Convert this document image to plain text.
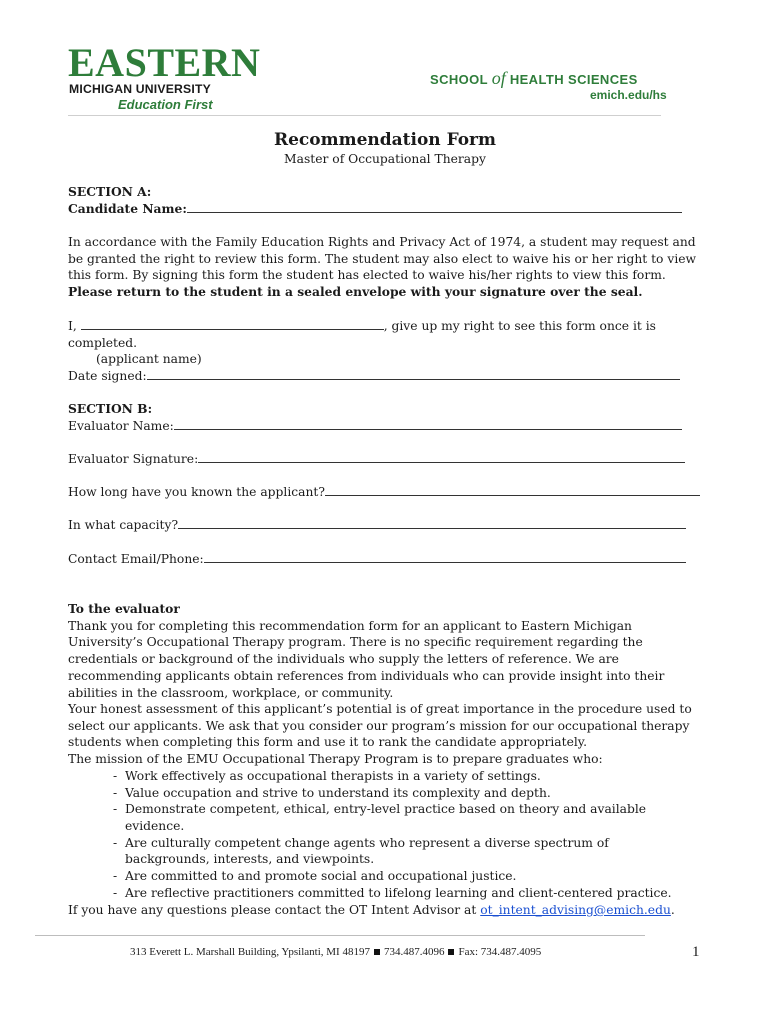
EASTERN
MICHIGAN UNIVERSITY
Education First
SCHOOL of HEALTH SCIENCES
emich.edu/hs
Recommendation Form
Master of Occupational Therapy
SECTION A:
Candidate Name:
In accordance with the Family Education Rights and Privacy Act of 1974, a student may request and be granted the right to review this form. The student may also elect to waive his or her right to view this form. By signing this form the student has elected to waive his/her rights to view this form. Please return to the student in a sealed envelope with your signature over the seal.
I,	, give up my right to see this form once it is completed.
(applicant name)
Date signed:
SECTION B:
Evaluator Name:
Evaluator Signature:
How long have you known the applicant?
In what capacity?
Contact Email/Phone:
To the evaluator
Thank you for completing this recommendation form for an applicant to Eastern Michigan University’s Occupational Therapy program. There is no specific requirement regarding the credentials or background of the individuals who supply the letters of reference. We are recommending applicants obtain references from individuals who can provide insight into their abilities in the classroom, workplace, or community.
Your honest assessment of this applicant’s potential is of great importance in the procedure used to select our applicants. We ask that you consider our program’s mission for our occupational therapy students when completing this form and use it to rank the candidate appropriately.
The mission of the EMU Occupational Therapy Program is to prepare graduates who:
- Work effectively as occupational therapists in a variety of settings.
- Value occupation and strive to understand its complexity and depth.
- Demonstrate competent, ethical, entry-level practice based on theory and available evidence.
- Are culturally competent change agents who represent a diverse spectrum of backgrounds, interests, and viewpoints.
- Are committed to and promote social and occupational justice.
- Are reflective practitioners committed to lifelong learning and client-centered practice.
If you have any questions please contact the OT Intent Advisor at ot_intent_advising@emich.edu.
313 Everett L. Marshall Building, Ypsilanti, MI 48197 734.487.4096 Fax: 734.487.4095	1
